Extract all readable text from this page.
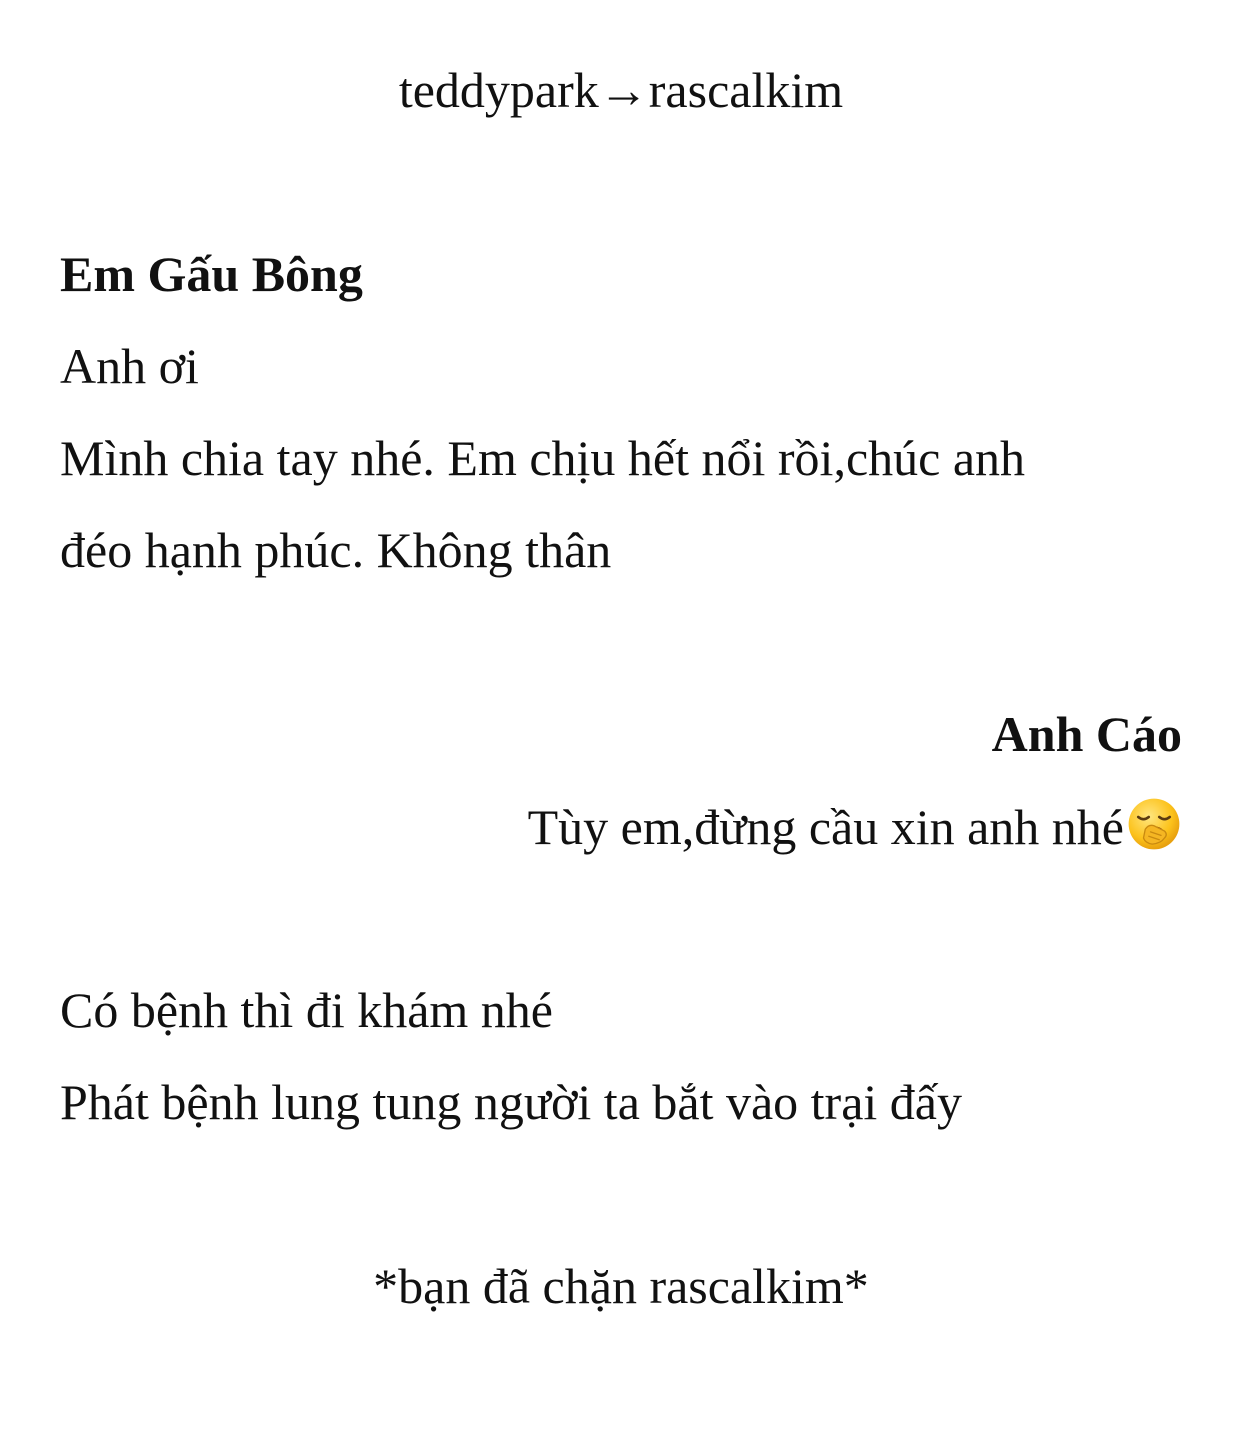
teddypark→rascalkim
Em Gấu Bông
Anh ơi
Mình chia tay nhé. Em chịu hết nổi rồi,chúc anh
đéo hạnh phúc. Không thân
Anh Cáo
Tùy em,đừng cầu xin anh nhé
Có bệnh thì đi khám nhé
Phát bệnh lung tung người ta bắt vào trại đấy
*bạn đã chặn rascalkim*
